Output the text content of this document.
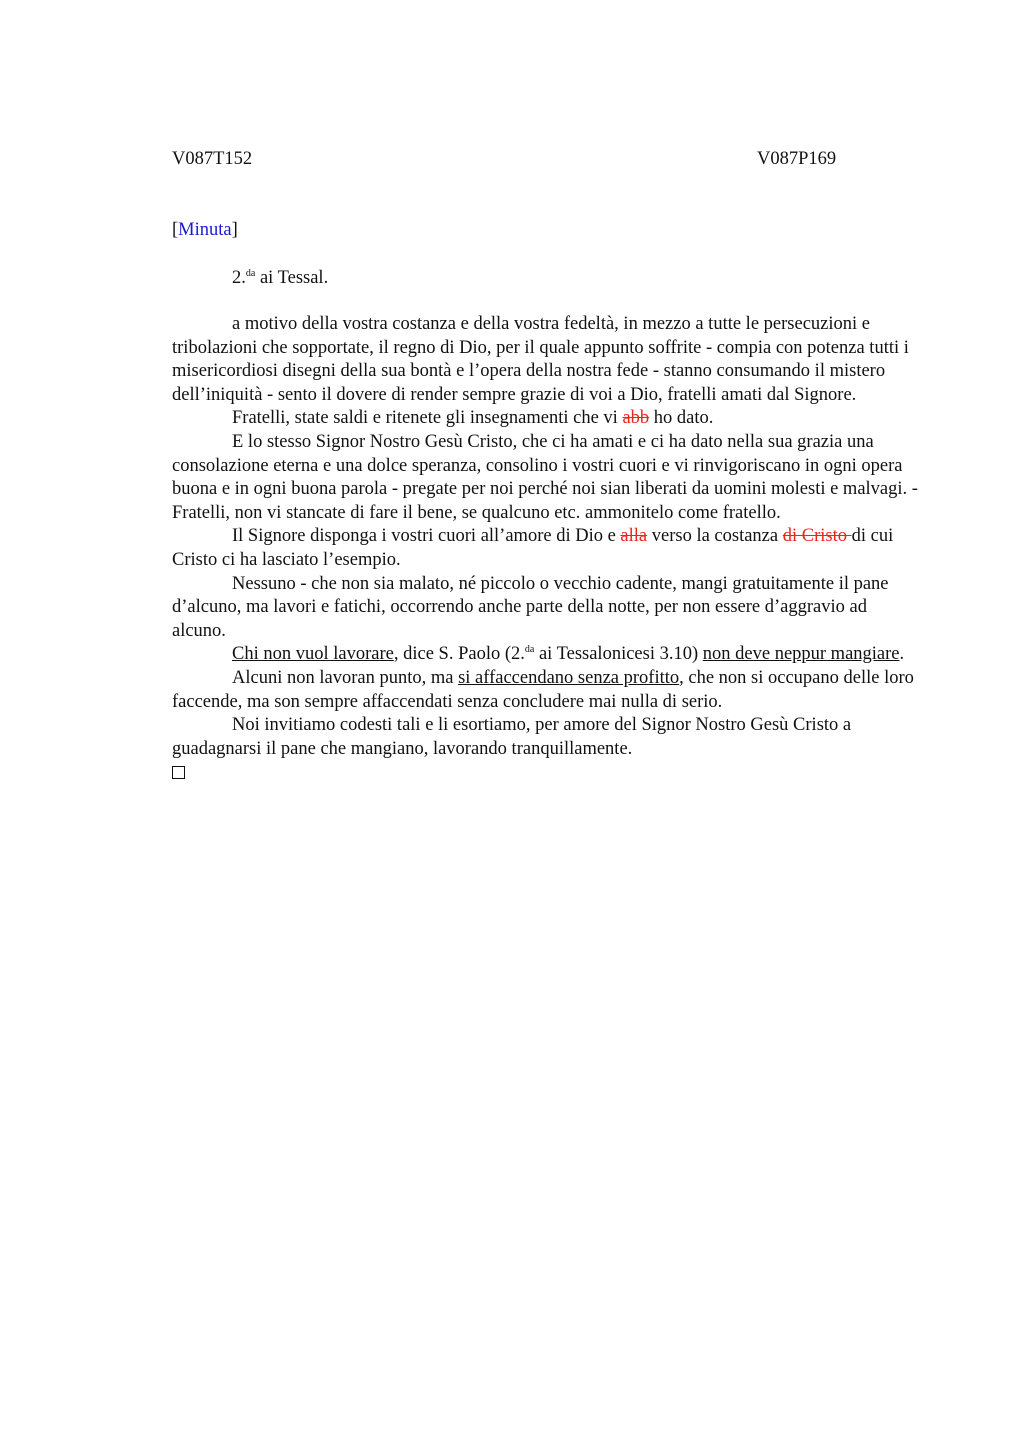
V087T152	V087P169
[Minuta]
2.$^{da}$ ai Tessal.

a motivo della vostra costanza e della vostra fedeltà, in mezzo a tutte le persecuzioni e tribolazioni che sopportate, il regno di Dio, per il quale appunto soffrite - compia con potenza tutti i misericordiosi disegni della sua bontà e l’opera della nostra fede - stanno consumando il mistero dell’iniquità - sento il dovere di render sempre grazie di voi a Dio, fratelli amati dal Signore.

Fratelli, state saldi e ritenete gli insegnamenti che vi abb ho dato.

E lo stesso Signor Nostro Gesù Cristo, che ci ha amati e ci ha dato nella sua grazia una consolazione eterna e una dolce speranza, consolino i vostri cuori e vi rinvigoriscano in ogni opera buona e in ogni buona parola - pregate per noi perché noi sian liberati da uomini molesti e malvagi. - Fratelli, non vi stancate di fare il bene, se qualcuno etc. ammonitelo come fratello.

Il Signore disponga i vostri cuori all’amore di Dio e alla verso la costanza di Cristo di cui Cristo ci ha lasciato l’esempio.

Nessuno - che non sia malato, né piccolo o vecchio cadente, mangi gratuitamente il pane d’alcuno, ma lavori e fatichi, occorrendo anche parte della notte, per non essere d’aggravio ad alcuno.

Chi non vuol lavorare, dice S. Paolo (2.$^{da}$ ai Tessalonicesi 3.10) non deve neppur mangiare.

Alcuni non lavoran punto, ma si affaccendano senza profitto, che non si occupano delle loro faccende, ma son sempre affaccendati senza concludere mai nulla di serio.

Noi invitiamo codesti tali e li esortiamo, per amore del Signor Nostro Gesù Cristo a guadagnarsi il pane che mangiano, lavorando tranquillamente.
